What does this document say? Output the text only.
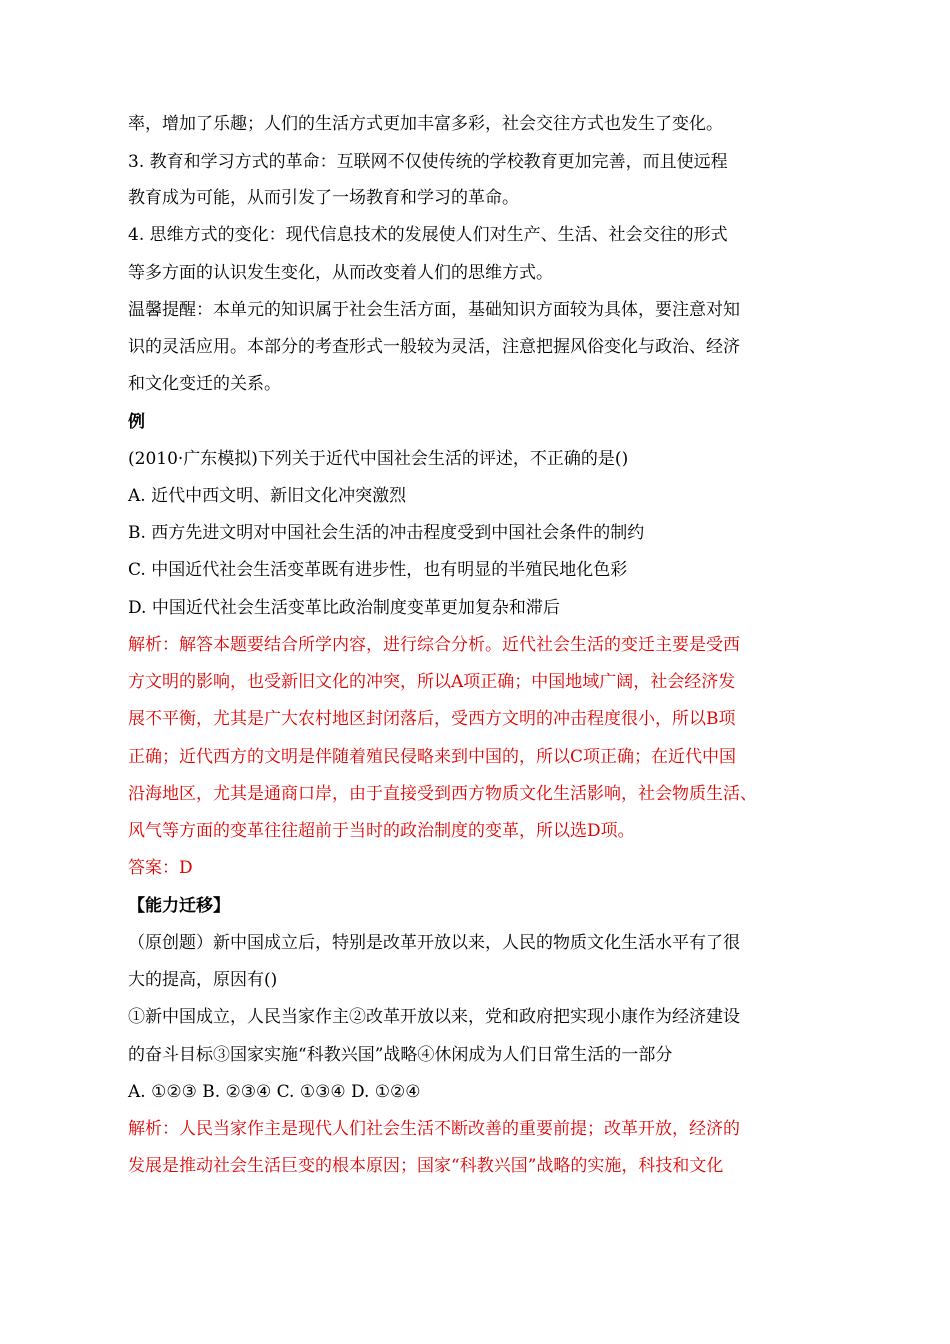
率，增加了乐趣；人们的生活方式更加丰富多彩，社会交往方式也发生了变化。
3. 教育和学习方式的革命：互联网不仅使传统的学校教育更加完善，而且使远程
教育成为可能，从而引发了一场教育和学习的革命。
4. 思维方式的变化：现代信息技术的发展使人们对生产、生活、社会交往的形式
等多方面的认识发生变化，从而改变着人们的思维方式。
温馨提醒：本单元的知识属于社会生活方面，基础知识方面较为具体，要注意对知
识的灵活应用。本部分的考查形式一般较为灵活，注意把握风俗变化与政治、经济
和文化变迁的关系。
例
(2010·广东模拟)下列关于近代中国社会生活的评述，不正确的是()
A. 近代中西文明、新旧文化冲突激烈
B. 西方先进文明对中国社会生活的冲击程度受到中国社会条件的制约
C. 中国近代社会生活变革既有进步性，也有明显的半殖民地化色彩
D. 中国近代社会生活变革比政治制度变革更加复杂和滞后
解析：解答本题要结合所学内容，进行综合分析。近代社会生活的变迁主要是受西
方文明的影响，也受新旧文化的冲突，所以A项正确；中国地域广阔，社会经济发
展不平衡，尤其是广大农村地区封闭落后，受西方文明的冲击程度很小，所以B项
正确；近代西方的文明是伴随着殖民侵略来到中国的，所以C项正确；在近代中国
沿海地区，尤其是通商口岸，由于直接受到西方物质文化生活影响，社会物质生活、
风气等方面的变革往往超前于当时的政治制度的变革，所以选D项。
答案：D
【能力迁移】
（原创题）新中国成立后，特别是改革开放以来，人民的物质文化生活水平有了很
大的提高，原因有()
①新中国成立，人民当家作主②改革开放以来，党和政府把实现小康作为经济建设
的奋斗目标③国家实施“科教兴国”战略④休闲成为人们日常生活的一部分
A. ①②③ B. ②③④ C. ①③④ D. ①②④
解析：人民当家作主是现代人们社会生活不断改善的重要前提；改革开放，经济的
发展是推动社会生活巨变的根本原因；国家“科教兴国”战略的实施，科技和文化
